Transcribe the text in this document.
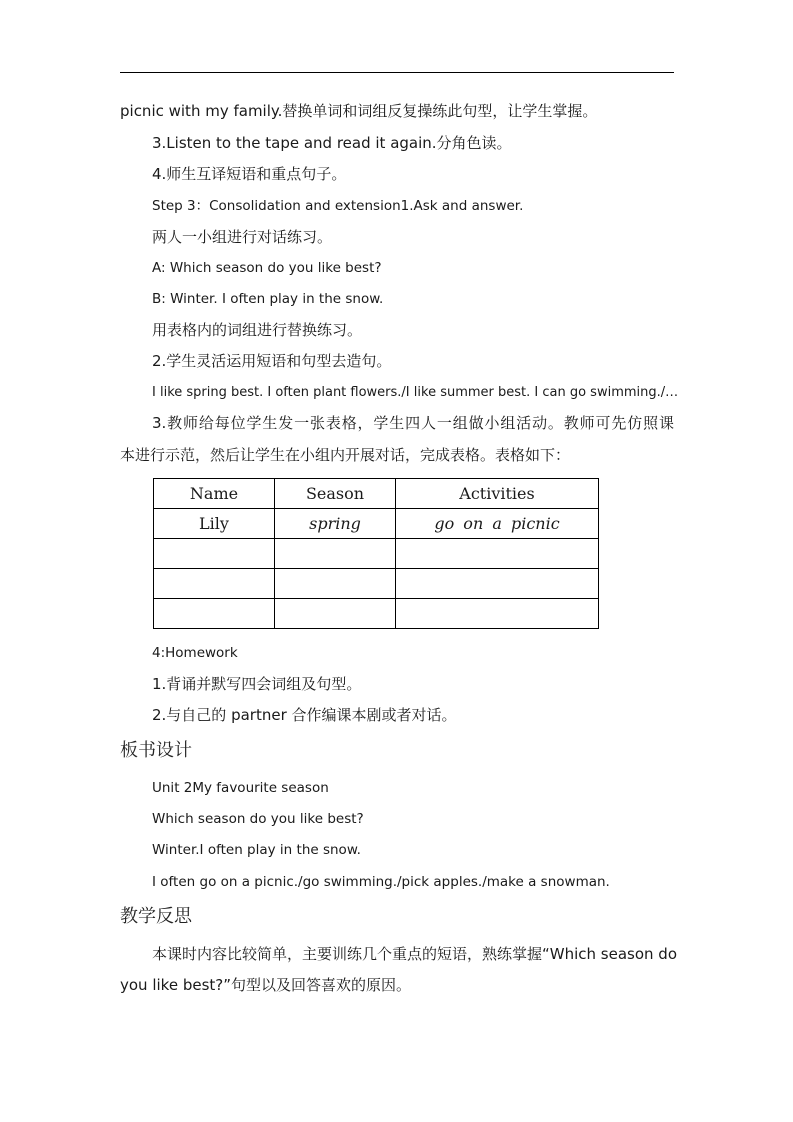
picnic with my family.替换单词和词组反复操练此句型，让学生掌握。
3.Listen to the tape and read it again.分角色读。
4.师生互译短语和重点句子。
Step 3：Consolidation and extension1.Ask and answer.
两人一小组进行对话练习。
A: Which season do you like best?
B: Winter. I often play in the snow.
用表格内的词组进行替换练习。
2.学生灵活运用短语和句型去造句。
I like spring best. I often plant flowers./I like summer best. I can go swimming./…
3.教师给每位学生发一张表格，学生四人一组做小组活动。教师可先仿照课
本进行示范，然后让学生在小组内开展对话，完成表格。表格如下：
Name	Season	Activities
Lily	spring	go on a picnic

4:Homework
1.背诵并默写四会词组及句型。
2.与自己的 partner 合作编课本剧或者对话。
板书设计
Unit 2My favourite season
Which season do you like best?
Winter.I often play in the snow.
I often go on a picnic./go swimming./pick apples./make a snowman.
教学反思
本课时内容比较简单，主要训练几个重点的短语，熟练掌握“Which season do
you like best?”句型以及回答喜欢的原因。
